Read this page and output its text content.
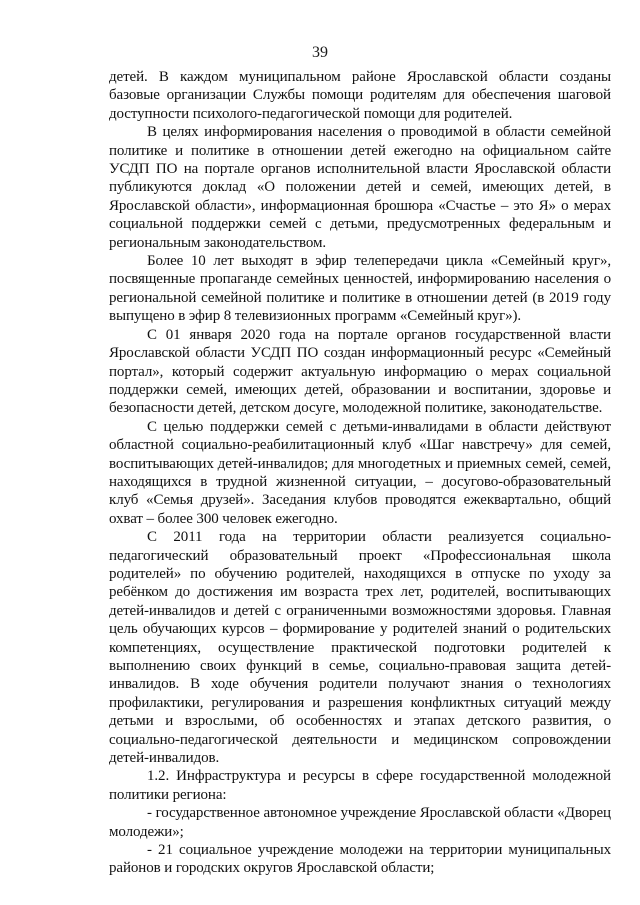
39

детей. В каждом муниципальном районе Ярославской области созданы базовые организации Службы помощи родителям для обеспечения шаговой доступности психолого-педагогической помощи для родителей.

В целях информирования населения о проводимой в области семейной политике и политике в отношении детей ежегодно на официальном сайте УСДП ПО на портале органов исполнительной власти Ярославской области публикуются доклад «О положении детей и семей, имеющих детей, в Ярославской области», информационная брошюра «Счастье – это Я» о мерах социальной поддержки семей с детьми, предусмотренных федеральным и региональным законодательством.

Более 10 лет выходят в эфир телепередачи цикла «Семейный круг», посвященные пропаганде семейных ценностей, информированию населения о региональной семейной политике и политике в отношении детей (в 2019 году выпущено в эфир 8 телевизионных программ «Семейный круг»).

С 01 января 2020 года на портале органов государственной власти Ярославской области УСДП ПО создан информационный ресурс «Семейный портал», который содержит актуальную информацию о мерах социальной поддержки семей, имеющих детей, образовании и воспитании, здоровье и безопасности детей, детском досуге, молодежной политике, законодательстве.

С целью поддержки семей с детьми-инвалидами в области действуют областной социально-реабилитационный клуб «Шаг навстречу» для семей, воспитывающих детей-инвалидов; для многодетных и приемных семей, семей, находящихся в трудной жизненной ситуации, – досугово-образовательный клуб «Семья друзей». Заседания клубов проводятся ежеквартально, общий охват – более 300 человек ежегодно.

С 2011 года на территории области реализуется социально-педагогический образовательный проект «Профессиональная школа родителей» по обучению родителей, находящихся в отпуске по уходу за ребёнком до достижения им возраста трех лет, родителей, воспитывающих детей-инвалидов и детей с ограниченными возможностями здоровья. Главная цель обучающих курсов – формирование у родителей знаний о родительских компетенциях, осуществление практической подготовки родителей к выполнению своих функций в семье, социально-правовая защита детей-инвалидов. В ходе обучения родители получают знания о технологиях профилактики, регулирования и разрешения конфликтных ситуаций между детьми и взрослыми, об особенностях и этапах детского развития, о социально-педагогической деятельности и медицинском сопровождении детей-инвалидов.

1.2. Инфраструктура и ресурсы в сфере государственной молодежной политики региона:

- государственное автономное учреждение Ярославской области «Дворец молодежи»;

- 21 социальное учреждение молодежи на территории муниципальных районов и городских округов Ярославской области;
